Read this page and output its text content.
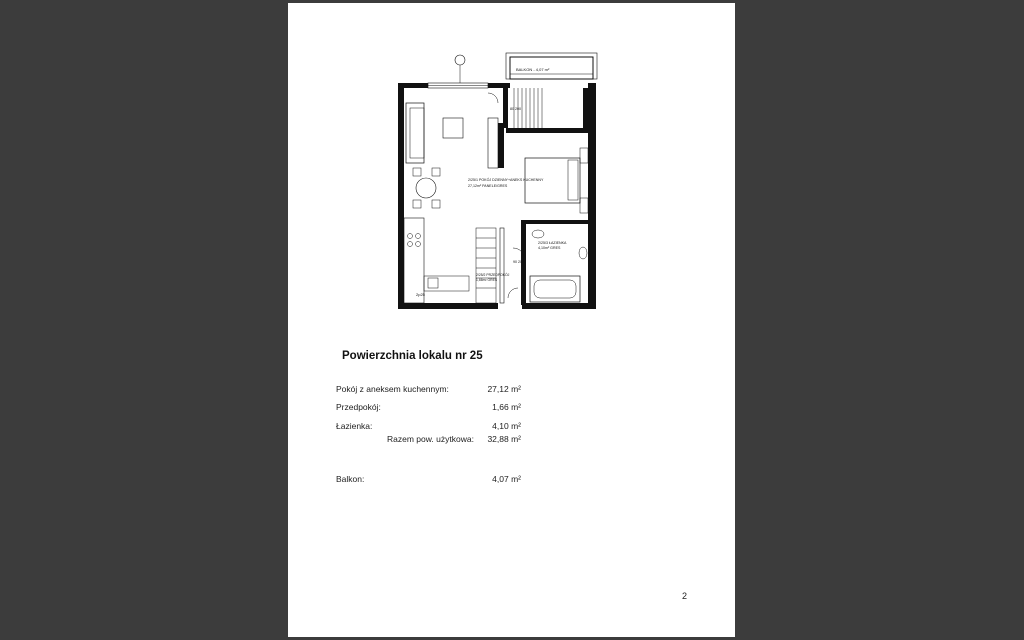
BALKON - 4,07 m²
2/25/1 POKÓJ DZIENNY+ANEKS KUCHENNY
27,12m² PANELE/GRES
2/25/3 ŁAZIENKA
4,10m² GRES
2/25/2 PRZEDPOKÓJ
1,66m² GRES
2p25
90 200
80 200
Powierzchnia lokalu nr 25
Pokój z aneksem kuchennym:	27,12 m²
Przedpokój:	1,66 m²
Łazienka:	4,10 m²
Razem pow. użytkowa:	32,88 m²
Balkon:	4,07 m²
2
